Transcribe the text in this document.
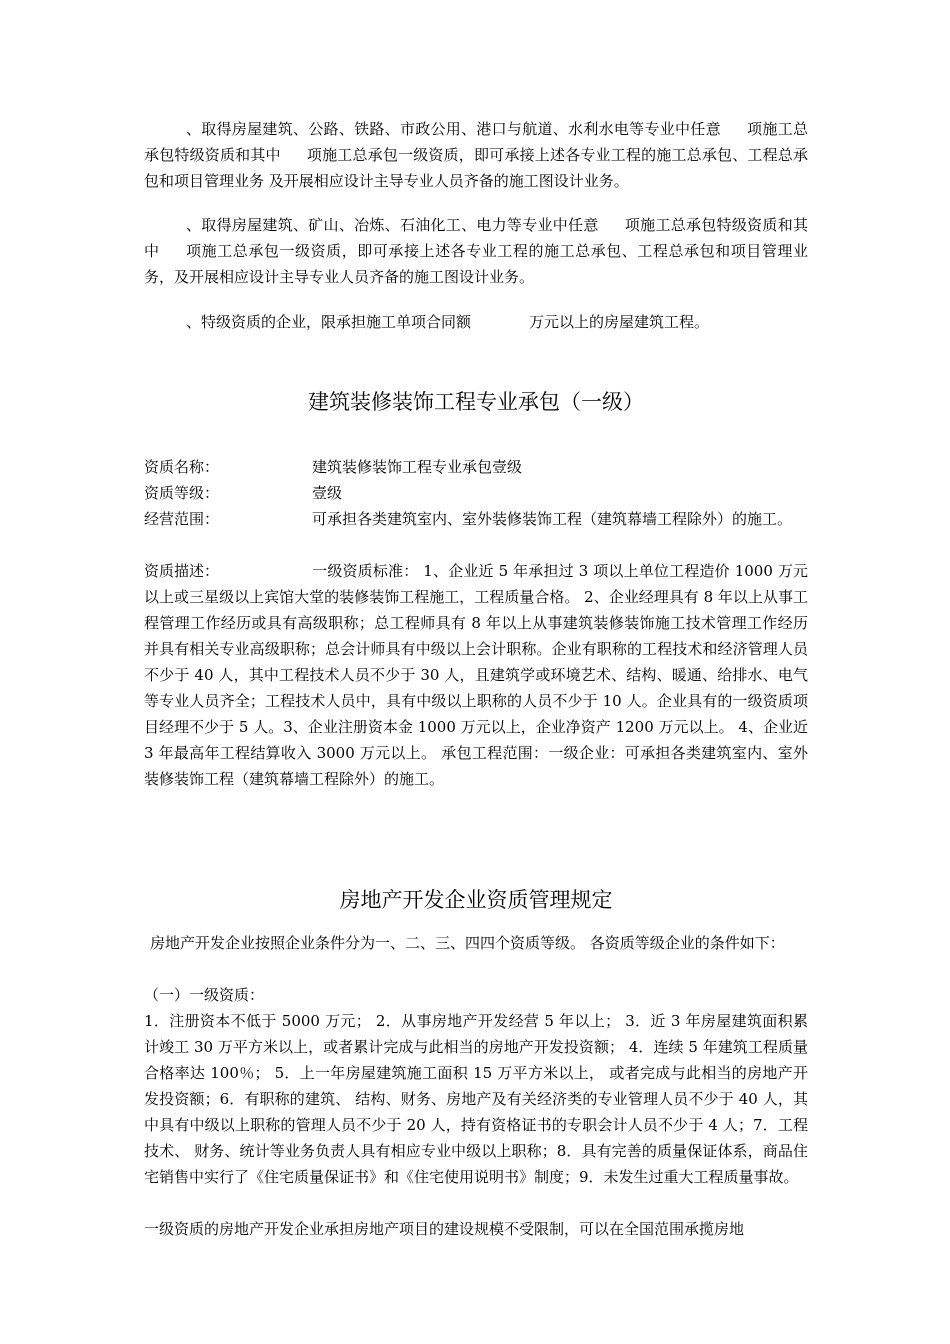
、取得房屋建筑、公路、铁路、市政公用、港口与航道、水利水电等专业中任意 项施工总承包特级资质和其中 项施工总承包一级资质，即可承接上述各专业工程的施工总承包、工程总承包和项目管理业务 及开展相应设计主导专业人员齐备的施工图设计业务。

、取得房屋建筑、矿山、冶炼、石油化工、电力等专业中任意 项施工总承包特级资质和其中 项施工总承包一级资质，即可承接上述各专业工程的施工总承包、工程总承包和项目管理业务，及开展相应设计主导专业人员齐备的施工图设计业务。

、特级资质的企业，限承担施工单项合同额	万元以上的房屋建筑工程。

建筑装修装饰工程专业承包（一级）

资质名称：	建筑装修装饰工程专业承包壹级

资质等级：	壹级

经营范围：	可承担各类建筑室内、室外装修装饰工程（建筑幕墙工程除外）的施工。

资质描述：	一级资质标准： 1、企业近 5 年承担过 3 项以上单位工程造价 1000 万元以上或三星级以上宾馆大堂的装修装饰工程施工，工程质量合格。 2、企业经理具有 8 年以上从事工程管理工作经历或具有高级职称；总工程师具有 8 年以上从事建筑装修装饰施工技术管理工作经历并具有相关专业高级职称；总会计师具有中级以上会计职称。企业有职称的工程技术和经济管理人员不少于 40 人，其中工程技术人员不少于 30 人，且建筑学或环境艺术、结构、暖通、给排水、电气等专业人员齐全；工程技术人员中，具有中级以上职称的人员不少于 10 人。企业具有的一级资质项目经理不少于 5 人。3、企业注册资本金 1000 万元以上，企业净资产 1200 万元以上。 4、企业近 3 年最高年工程结算收入 3000 万元以上。 承包工程范围：一级企业：可承担各类建筑室内、室外装修装饰工程（建筑幕墙工程除外）的施工。

房地产开发企业资质管理规定

房地产开发企业按照企业条件分为一、二、三、四四个资质等级。 各资质等级企业的条件如下：

（一）一级资质：

1．注册资本不低于 5000 万元； 2．从事房地产开发经营 5 年以上； 3．近 3 年房屋建筑面积累计竣工 30 万平方米以上，或者累计完成与此相当的房地产开发投资额； 4．连续 5 年建筑工程质量合格率达 100％； 5．上一年房屋建筑施工面积 15 万平方米以上， 或者完成与此相当的房地产开发投资额；6．有职称的建筑、 结构、财务、房地产及有关经济类的专业管理人员不少于 40 人，其中具有中级以上职称的管理人员不少于 20 人，持有资格证书的专职会计人员不少于 4 人；7．工程技术、 财务、统计等业务负责人具有相应专业中级以上职称；8．具有完善的质量保证体系，商品住宅销售中实行了《住宅质量保证书》和《住宅使用说明书》制度；9．未发生过重大工程质量事故。

一级资质的房地产开发企业承担房地产项目的建设规模不受限制，可以在全国范围承揽房地
